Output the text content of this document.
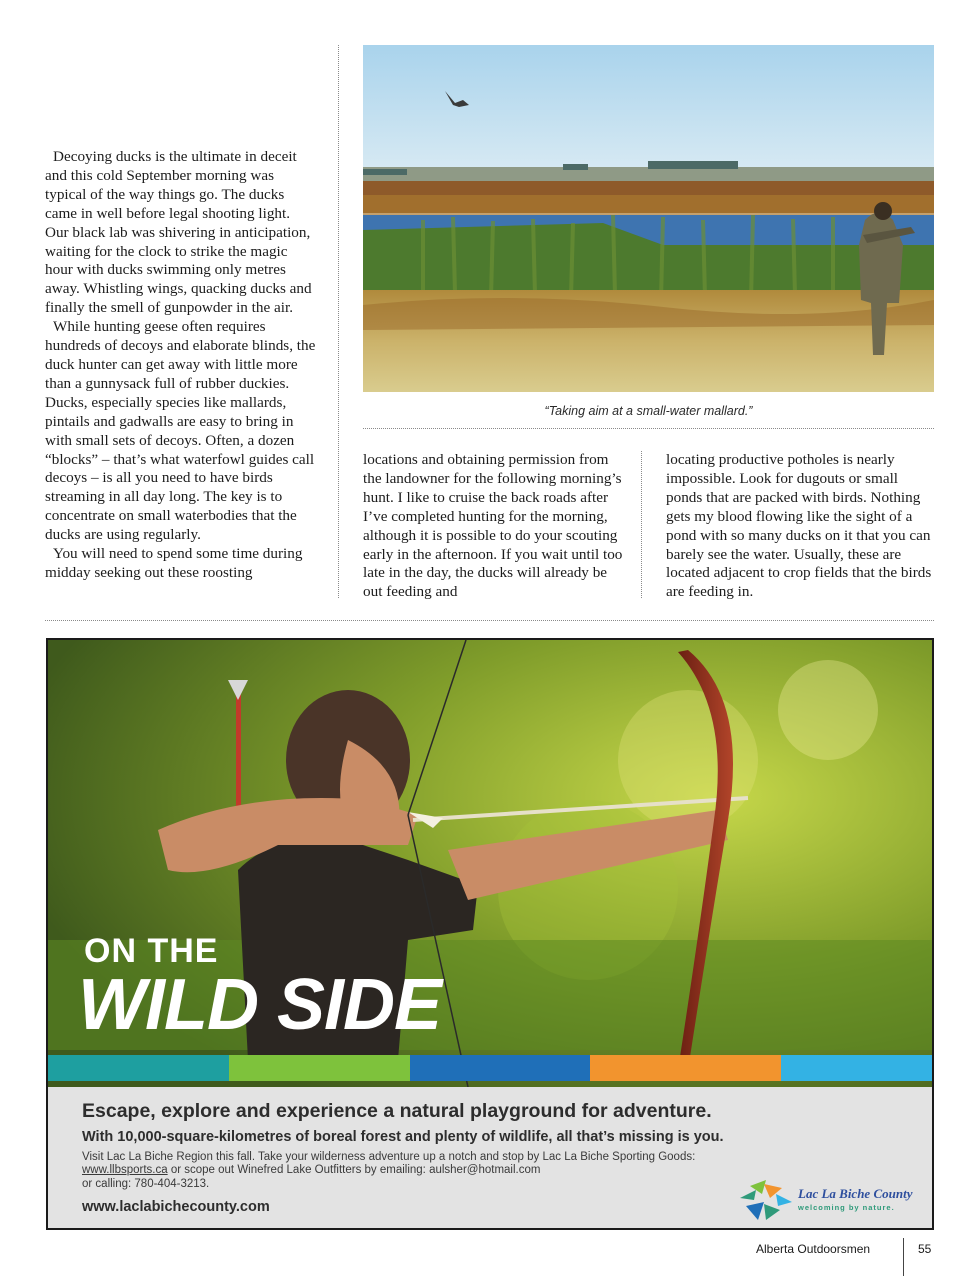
Decoying ducks is the ultimate in deceit and this cold September morning was typical of the way things go. The ducks came in well before legal shooting light. Our black lab was shivering in anticipation, waiting for the clock to strike the magic hour with ducks swimming only metres away. Whistling wings, quacking ducks and finally the smell of gunpowder in the air.

While hunting geese often requires hundreds of decoys and elaborate blinds, the duck hunter can get away with little more than a gunnysack full of rubber duckies. Ducks, especially species like mallards, pintails and gadwalls are easy to bring in with small sets of decoys. Often, a dozen “blocks” – that’s what waterfowl guides call decoys – is all you need to have birds streaming in all day long. The key is to concentrate on small waterbodies that the ducks are using regularly.

You will need to spend some time during midday seeking out these roosting

“Taking aim at a small-water mallard.”
locations and obtaining permission from the landowner for the following morning’s hunt. I like to cruise the back roads after I’ve completed hunting for the morning, although it is possible to do your scouting early in the afternoon. If you wait until too late in the day, the ducks will already be out feeding and
locating productive potholes is nearly impossible. Look for dugouts or small ponds that are packed with birds. Nothing gets my blood flowing like the sight of a pond with so many ducks on it that you can barely see the water. Usually, these are located adjacent to crop fields that the birds are feeding in.
ON THE
WILD SIDE
Escape, explore and experience a natural playground for adventure.
With 10,000-square-kilometres of boreal forest and plenty of wildlife, all that’s missing is you.

Visit Lac La Biche Region this fall. Take your wilderness adventure up a notch and stop by Lac La Biche Sporting Goods:

www.llbsports.ca or scope out Winefred Lake Outfitters by emailing: aulsher@hotmail.com

or calling: 780-404-3213.

www.laclabichecounty.com
Lac La Biche County
welcoming by nature.
Alberta Outdoorsmen	55
